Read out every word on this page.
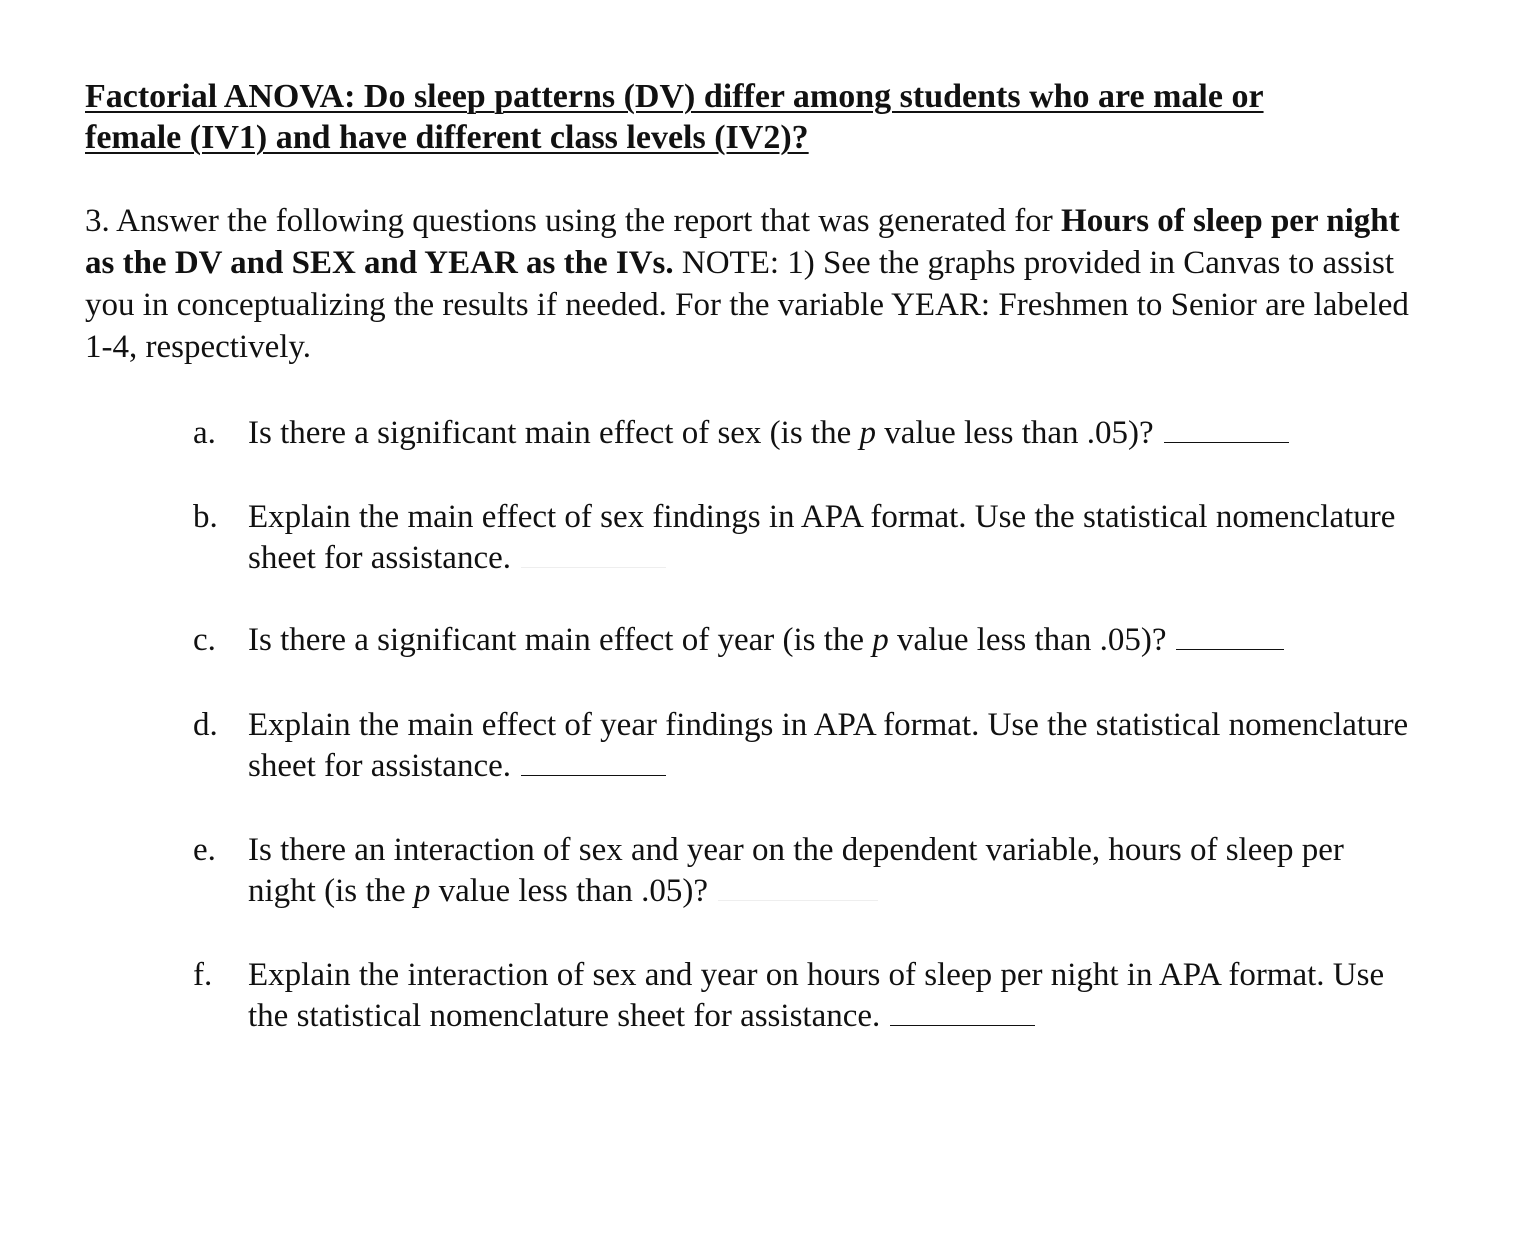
Factorial ANOVA: Do sleep patterns (DV) differ among students who are male or
female (IV1) and have different class levels (IV2)?
3. Answer the following questions using the report that was generated for Hours of sleep per night as the DV and SEX and YEAR as the IVs. NOTE: 1) See the graphs provided in Canvas to assist you in conceptualizing the results if needed. For the variable YEAR: Freshmen to Senior are labeled 1-4, respectively.
a. Is there a significant main effect of sex (is the p value less than .05)?
b. Explain the main effect of sex findings in APA format. Use the statistical nomenclature sheet for assistance.
c. Is there a significant main effect of year (is the p value less than .05)?
d. Explain the main effect of year findings in APA format. Use the statistical nomenclature sheet for assistance.
e. Is there an interaction of sex and year on the dependent variable, hours of sleep per night (is the p value less than .05)?
f.	Explain the interaction of sex and year on hours of sleep per night in APA format. Use the statistical nomenclature sheet for assistance.
